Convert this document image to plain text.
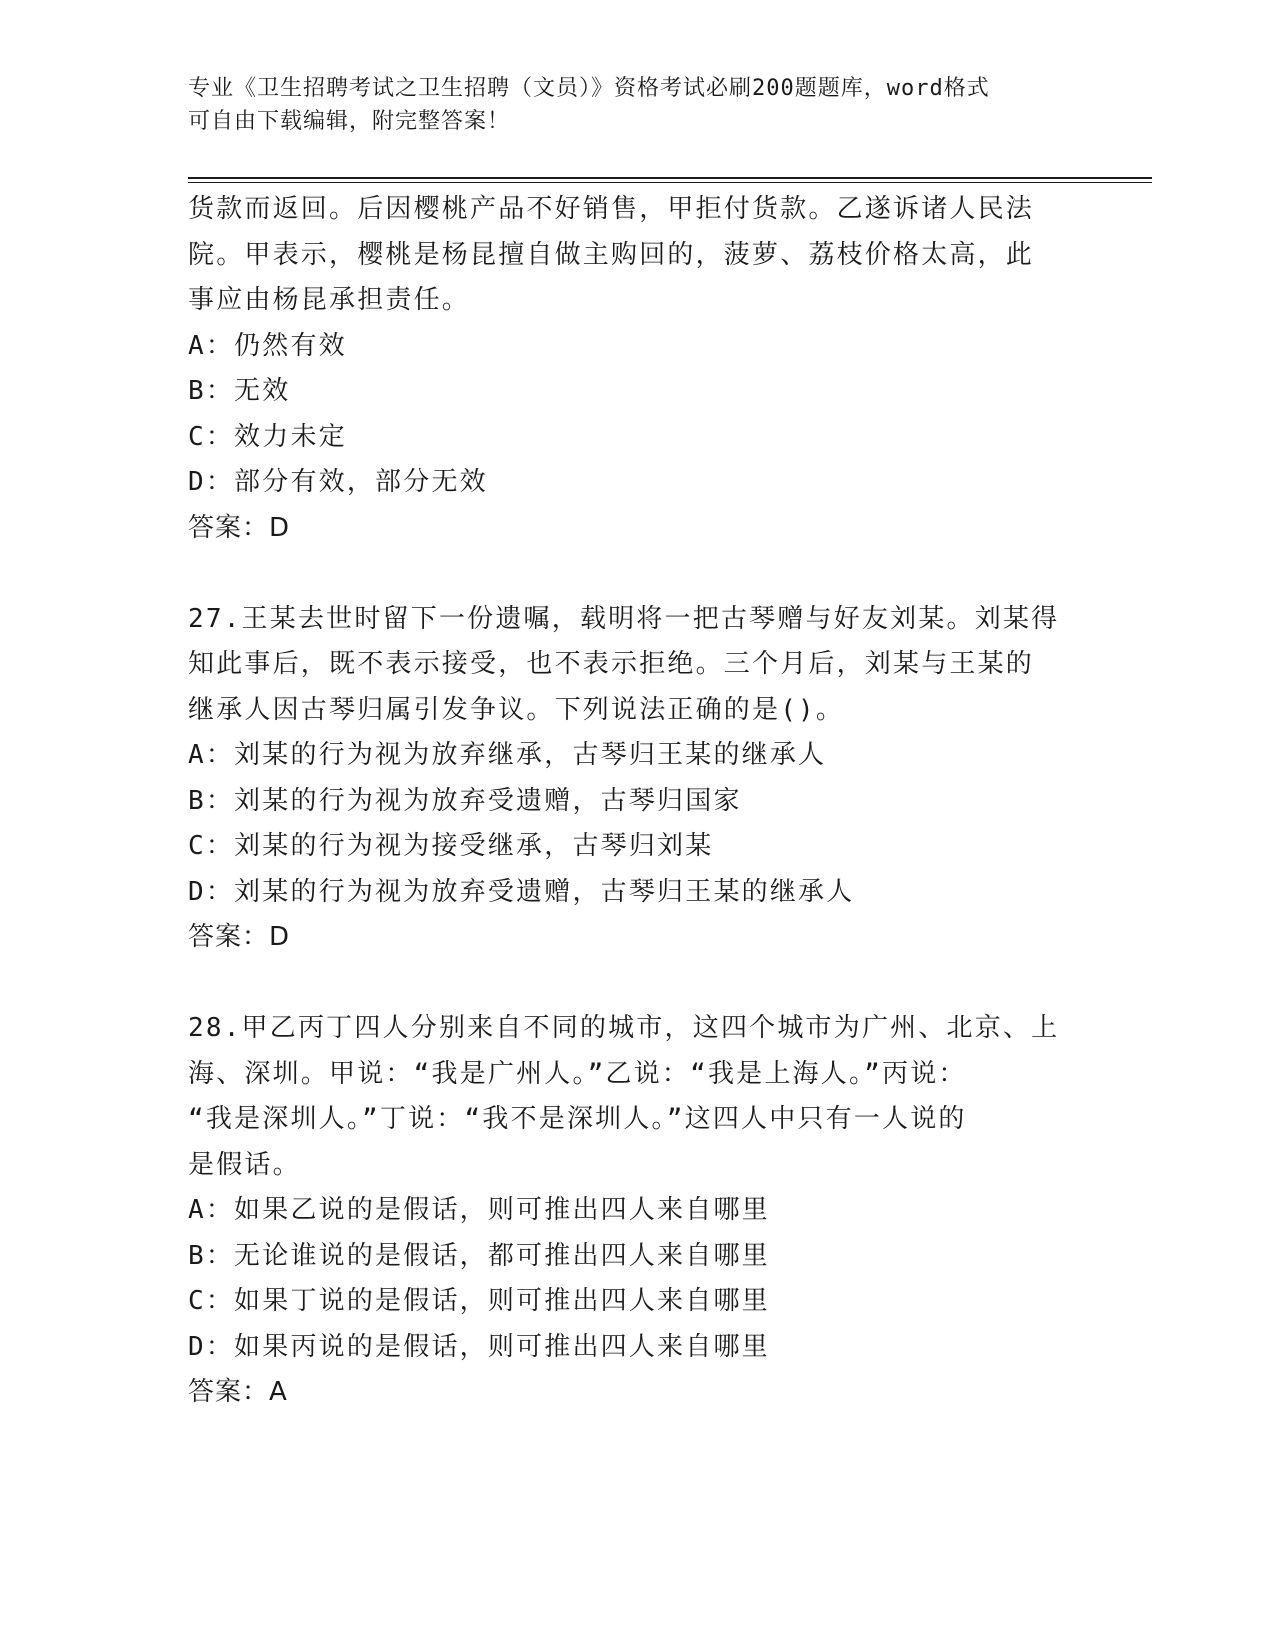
专业《卫生招聘考试之卫生招聘（文员）》资格考试必刷200题题库，word格式
可自由下载编辑，附完整答案！
货款而返回。后因樱桃产品不好销售，甲拒付货款。乙遂诉诸人民法
院。甲表示，樱桃是杨昆擅自做主购回的，菠萝、荔枝价格太高，此
事应由杨昆承担责任。
A：仍然有效
B：无效
C：效力未定
D：部分有效，部分无效
答案：D
27.王某去世时留下一份遗嘱，载明将一把古琴赠与好友刘某。刘某得
知此事后，既不表示接受，也不表示拒绝。三个月后，刘某与王某的
继承人因古琴归属引发争议。下列说法正确的是()。
A：刘某的行为视为放弃继承，古琴归王某的继承人
B：刘某的行为视为放弃受遗赠，古琴归国家
C：刘某的行为视为接受继承，古琴归刘某
D：刘某的行为视为放弃受遗赠，古琴归王某的继承人
答案：D
28.甲乙丙丁四人分别来自不同的城市，这四个城市为广州、北京、上
海、深圳。甲说：“我是广州人。”乙说：“我是上海人。”丙说：
“我是深圳人。”丁说：“我不是深圳人。”这四人中只有一人说的
是假话。
A：如果乙说的是假话，则可推出四人来自哪里
B：无论谁说的是假话，都可推出四人来自哪里
C：如果丁说的是假话，则可推出四人来自哪里
D：如果丙说的是假话，则可推出四人来自哪里
答案：A
